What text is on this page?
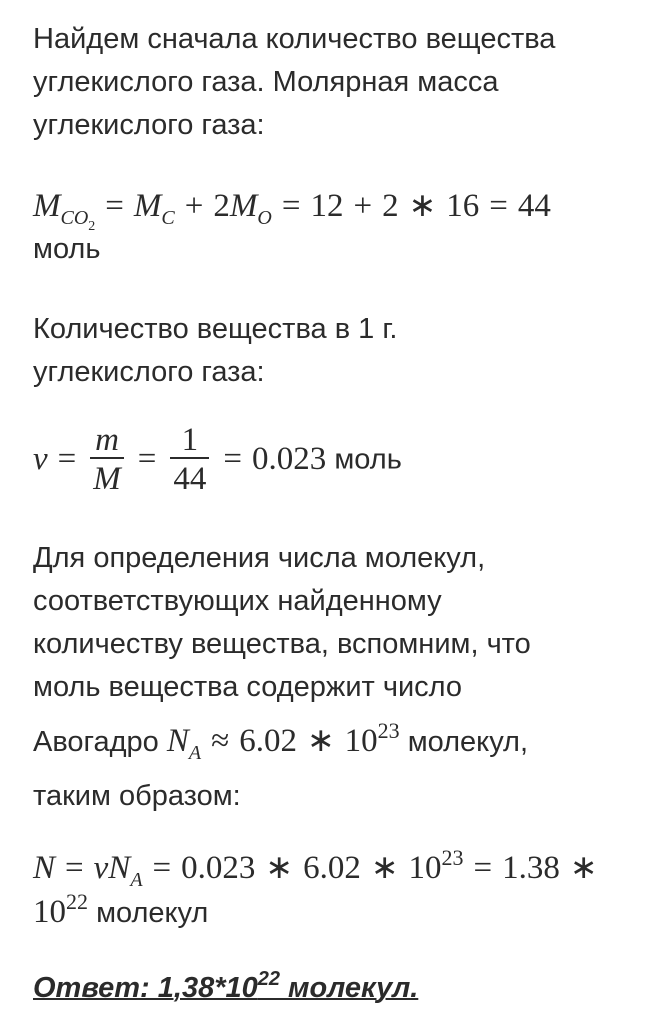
Найдем сначала количество вещества

углекислого газа. Молярная масса

углекислого газа:

$M_{CO_2}= M_C + 2M_O = 12 + 2$ ∗ 16 = 44
моль

Количество вещества в 1 г.

углекислого газа:

$\nu = \frac{m}{M} = \frac{1}{44} = 0.023$ моль

Для определения числа молекул,

соответствующих найденному

количеству вещества, вспомним, что

моль вещества содержит число

Авогадро $N_A \approx 6.02$ ∗ $10^{23}$ молекул,

таким образом:

$N = \nu N_A = 0.023$ ∗ 6.02 ∗ $10^{23} = 1.38$ ∗
$10^{22}$ молекул
Ответ: $1,38*10^{22}$ молекул.
